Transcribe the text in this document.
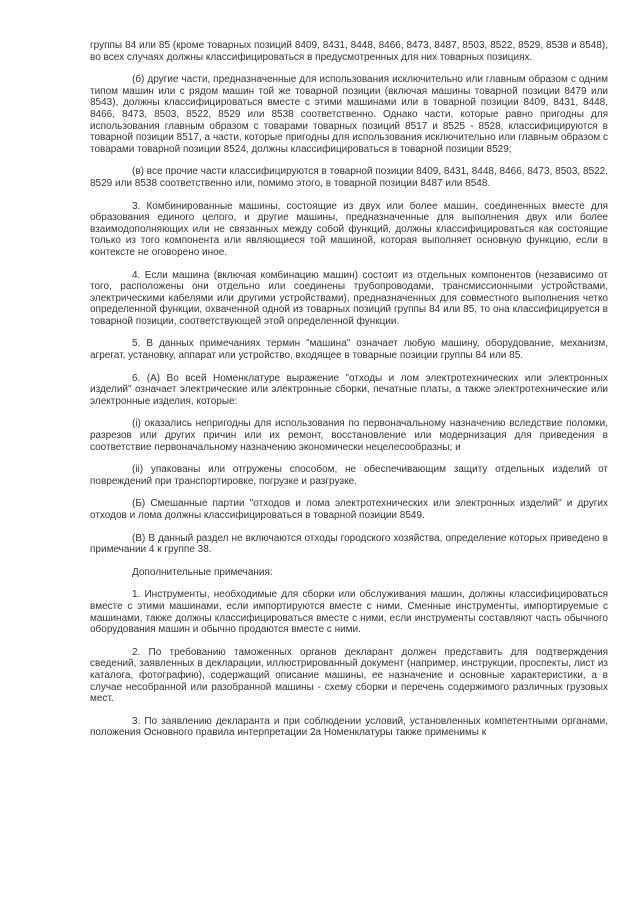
группы 84 или 85 (кроме товарных позиций 8409, 8431, 8448, 8466, 8473, 8487, 8503, 8522, 8529, 8538 и 8548), во всех случаях должны классифицироваться в предусмотренных для них товарных позициях.

(б) другие части, предназначенные для использования исключительно или главным образом с одним типом машин или с рядом машин той же товарной позиции (включая машины товарной позиции 8479 или 8543), должны классифицироваться вместе с этими машинами или в товарной позиции 8409, 8431, 8448, 8466, 8473, 8503, 8522, 8529 или 8538 соответственно. Однако части, которые равно пригодны для использования главным образом с товарами товарных позиций 8517 и 8525 - 8528, классифицируются в товарной позиции 8517, а части, которые пригодны для использования исключительно или главным образом с товарами товарной позиции 8524, должны классифицироваться в товарной позиции 8529;

(в) все прочие части классифицируются в товарной позиции 8409, 8431, 8448, 8466, 8473, 8503, 8522, 8529 или 8538 соответственно или, помимо этого, в товарной позиции 8487 или 8548.

3. Комбинированные машины, состоящие из двух или более машин, соединенных вместе для образования единого целого, и другие машины, предназначенные для выполнения двух или более взаимодополняющих или не связанных между собой функций, должны классифицироваться как состоящие только из того компонента или являющиеся той машиной, которая выполняет основную функцию, если в контексте не оговорено иное.

4. Если машина (включая комбинацию машин) состоит из отдельных компонентов (независимо от того, расположены они отдельно или соединены трубопроводами, трансмиссионными устройствами, электрическими кабелями или другими устройствами), предназначенных для совместного выполнения четко определенной функции, охваченной одной из товарных позиций группы 84 или 85, то она классифицируется в товарной позиции, соответствующей этой определенной функции.

5. В данных примечаниях термин "машина" означает любую машину, оборудование, механизм, агрегат, установку, аппарат или устройство, входящее в товарные позиции группы 84 или 85.

6. (А) Во всей Номенклатуре выражение "отходы и лом электротехнических или электронных изделий" означает электрические или электронные сборки, печатные платы, а также электротехнические или электронные изделия, которые:

(i) оказались непригодны для использования по первоначальному назначению вследствие поломки, разрезов или других причин или их ремонт, восстановление или модернизация для приведения в соответствие первоначальному назначению экономически нецелесообразны; и

(ii) упакованы или отгружены способом, не обеспечивающим защиту отдельных изделий от повреждений при транспортировке, погрузке и разгрузке.

(Б) Смешанные партии "отходов и лома электротехнических или электронных изделий" и других отходов и лома должны классифицироваться в товарной позиции 8549.

(В) В данный раздел не включаются отходы городского хозяйства, определение которых приведено в примечании 4 к группе 38.

Дополнительные примечания:

1. Инструменты, необходимые для сборки или обслуживания машин, должны классифицироваться вместе с этими машинами, если импортируются вместе с ними. Сменные инструменты, импортируемые с машинами, также должны классифицироваться вместе с ними, если инструменты составляют часть обычного оборудования машин и обычно продаются вместе с ними.

2. По требованию таможенных органов декларант должен представить для подтверждения сведений, заявленных в декларации, иллюстрированный документ (например, инструкции, проспекты, лист из каталога, фотографию), содержащий описание машины, ее назначение и основные характеристики, а в случае несобранной или разобранной машины - схему сборки и перечень содержимого различных грузовых мест.

3. По заявлению декларанта и при соблюдении условий, установленных компетентными органами, положения Основного правила интерпретации 2а Номенклатуры также применимы к
